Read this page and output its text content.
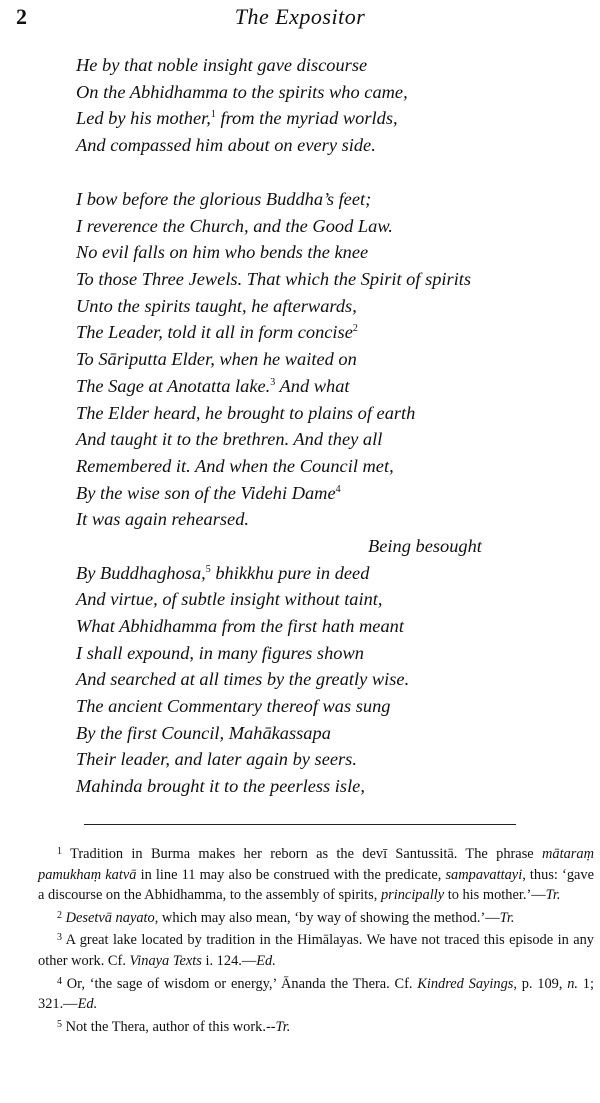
2	The Expositor
He by that noble insight gave discourse
On the Abhidhamma to the spirits who came,
Led by his mother,$^1$ from the myriad worlds,
And compassed him about on every side.
I bow before the glorious Buddha’s feet;
I reverence the Church, and the Good Law.
No evil falls on him who bends the knee
To those Three Jewels. That which the Spirit of spirits
Unto the spirits taught, he afterwards,
The Leader, told it all in form concise$^2$
To Sāriputta Elder, when he waited on
The Sage at Anotatta lake.$^3$ And what
The Elder heard, he brought to plains of earth
And taught it to the brethren. And they all
Remembered it. And when the Council met,
By the wise son of the Videhi Dame$^4$
It was again rehearsed.
Being besought
By Buddhaghosa,$^5$ bhikkhu pure in deed
And virtue, of subtle insight without taint,
What Abhidhamma from the first hath meant
I shall expound, in many figures shown
And searched at all times by the greatly wise.
The ancient Commentary thereof was sung
By the first Council, Mahākassapa
Their leader, and later again by seers.
Mahinda brought it to the peerless isle,
$^1$ Tradition in Burma makes her reborn as the devī Santussitā. The phrase mātaraṃ pamukhaṃ katvā in line 11 may also be construed with the predicate, sampavattayi, thus: ‘gave a discourse on the Abhidhamma, to the assembly of spirits, principally to his mother.’—Tr.
$^2$ Desetvā nayato, which may also mean, ‘by way of showing the method.’—Tr.
$^3$ A great lake located by tradition in the Himālayas. We have not traced this episode in any other work. Cf. Vinaya Texts i. 124.—Ed.
$^4$ Or, ‘the sage of wisdom or energy,’ Ānanda the Thera. Cf. Kindred Sayings, p. 109, n. 1; 321.—Ed.
$^5$ Not the Thera, author of this work.--Tr.
